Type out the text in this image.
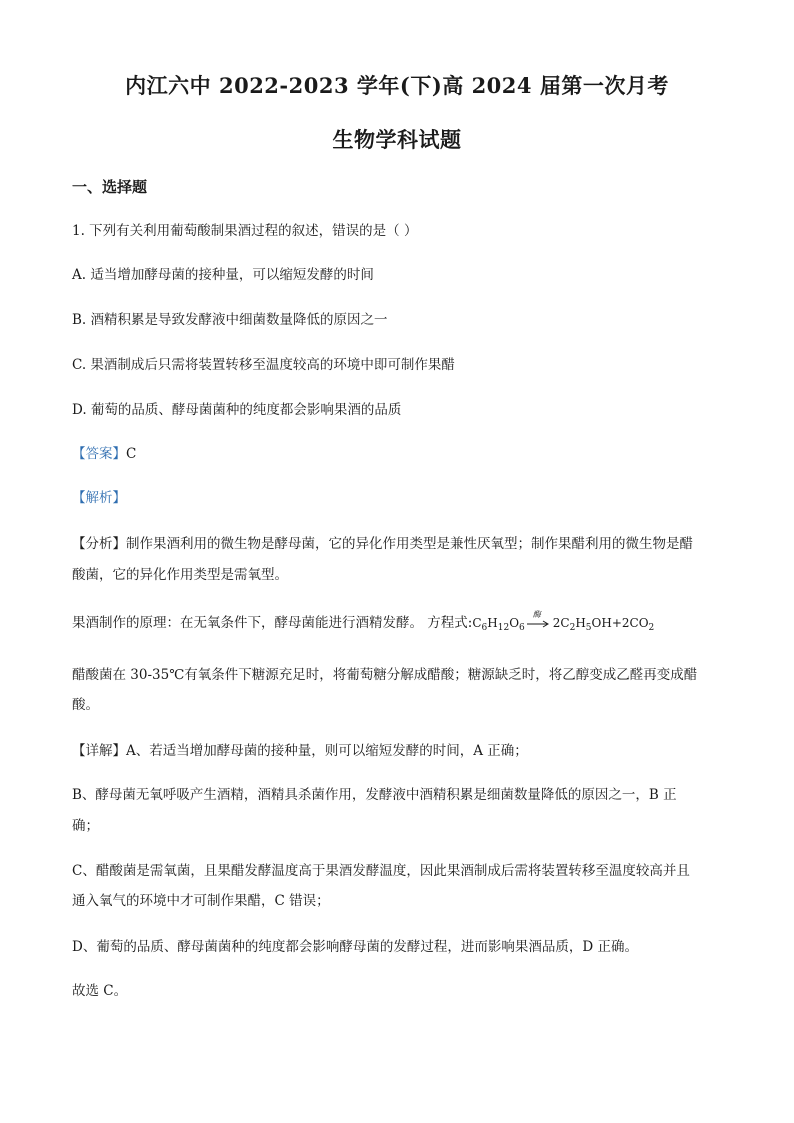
内江六中 2022-2023 学年(下)高 2024 届第一次月考
生物学科试题
一、选择题
1. 下列有关利用葡萄酸制果酒过程的叙述，错误的是（ ）
A. 适当增加酵母菌的接种量，可以缩短发酵的时间
B. 酒精积累是导致发酵液中细菌数量降低的原因之一
C. 果酒制成后只需将装置转移至温度较高的环境中即可制作果醋
D. 葡萄的品质、酵母菌菌种的纯度都会影响果酒的品质
【答案】C
【解析】
【分析】制作果酒利用的微生物是酵母菌，它的异化作用类型是兼性厌氧型；制作果醋利用的微生物是醋
酸菌，它的异化作用类型是需氧型。
果酒制作的原理：在无氧条件下，酵母菌能进行酒精发酵。 方程式$:C_6H_{12}O_6$
酶
$2C_2H_5OH+2CO_2$
醋酸菌在 30-35℃有氧条件下糖源充足时，将葡萄糖分解成醋酸；糖源缺乏时，将乙醇变成乙醛再变成醋
酸。
【详解】A、若适当增加酵母菌的接种量，则可以缩短发酵的时间，A 正确；
B、酵母菌无氧呼吸产生酒精，酒精具杀菌作用，发酵液中酒精积累是细菌数量降低的原因之一，B 正
确；
C、醋酸菌是需氧菌，且果醋发酵温度高于果酒发酵温度，因此果酒制成后需将装置转移至温度较高并且
通入氧气的环境中才可制作果醋，C 错误；
D、葡萄的品质、酵母菌菌种的纯度都会影响酵母菌的发酵过程，进而影响果酒品质，D 正确。
故选 C。
